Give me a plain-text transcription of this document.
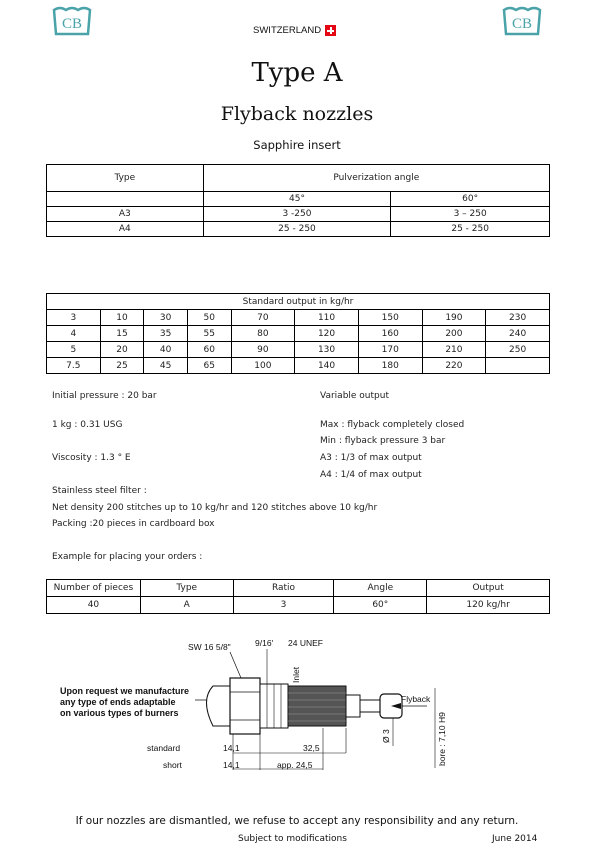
CB	CB
SWITZERLAND
Type A
Flyback nozzles
Sapphire insert
Type	Pulverization angle	
	45°	60°
A3	3 -250	3 – 250
A4	25 - 250	25 - 250
Standard output in kg/hr								
3	10	30	50	70	110	150	190	230
4	15	35	55	80	120	160	200	240
5	20	40	60	90	130	170	210	250
7.5	25	45	65	100	140	180	220	
Initial pressure : 20 bar	Variable output
1 kg : 0.31 USG	Max : flyback completely closed
Min : flyback pressure 3 bar
Viscosity : 1.3 ° E	A3 : 1/3 of max output
A4 : 1/4 of max output
Stainless steel filter :
Net density 200 stitches up to 10 kg/hr and 120 stitches above 10 kg/hr
Packing :20 pieces in cardboard box
Example for placing your orders :
Number of pieces	Type	Ratio	Angle	Output
40	A	3	60°	120 kg/hr
Upon request we manufacture
any type of ends adaptable
on various types of burners
SW 16 5/8"	9/16' 24 UNEF
Inlet
Flyback
Ø 3	bore : 7,10 H9
standard
short
14,1	32,5
14,1	app. 24,5
If our nozzles are dismantled, we refuse to accept any responsibility and any return.
Subject to modifications	June 2014
